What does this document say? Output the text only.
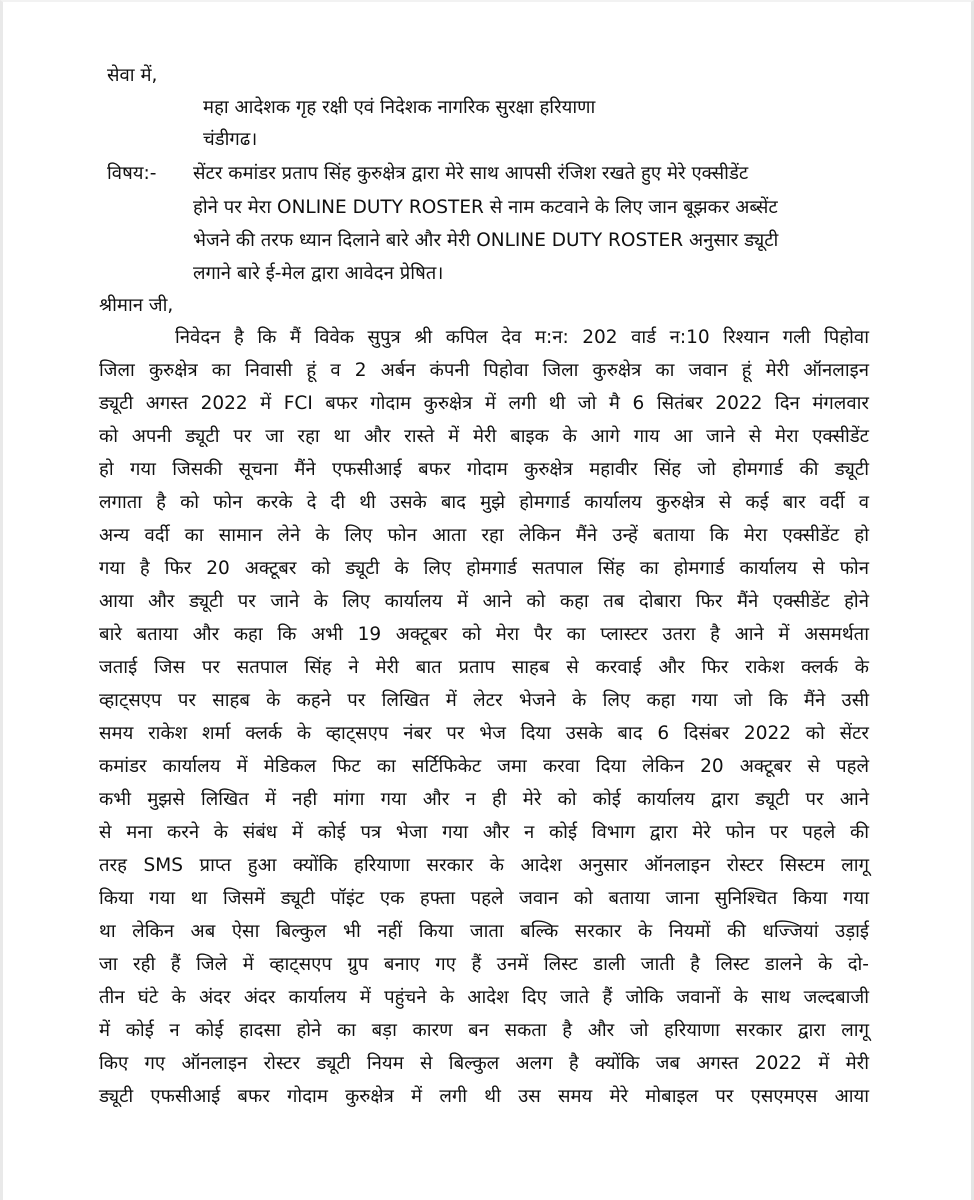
सेवा में,
महा आदेशक गृह रक्षी एवं निदेशक नागरिक सुरक्षा हरियाणा
चंडीगढ।
विषय:- सेंटर कमांडर प्रताप सिंह कुरुक्षेत्र द्वारा मेरे साथ आपसी रंजिश रखते हुए मेरे एक्सीडेंट
होने पर मेरा ONLINE DUTY ROSTER से नाम कटवाने के लिए जान बूझकर अब्सेंट
भेजने की तरफ ध्यान दिलाने बारे और मेरी ONLINE DUTY ROSTER अनुसार ड्यूटी
लगाने बारे ई-मेल द्वारा आवेदन प्रेषित।
श्रीमान जी,
निवेदन है कि मैं विवेक सुपुत्र श्री कपिल देव म:न: 202 वार्ड न:10 रिश्यान गली पिहोवा
जिला कुरुक्षेत्र का निवासी हूं व 2 अर्बन कंपनी पिहोवा जिला कुरुक्षेत्र का जवान हूं मेरी ऑनलाइन
ड्यूटी अगस्त 2022 में FCI बफर गोदाम कुरुक्षेत्र में लगी थी जो मै 6 सितंबर 2022 दिन मंगलवार
को अपनी ड्यूटी पर जा रहा था और रास्ते में मेरी बाइक के आगे गाय आ जाने से मेरा एक्सीडेंट
हो गया जिसकी सूचना मैंने एफसीआई बफर गोदाम कुरुक्षेत्र महावीर सिंह जो होमगार्ड की ड्यूटी
लगाता है को फोन करके दे दी थी उसके बाद मुझे होमगार्ड कार्यालय कुरुक्षेत्र से कई बार वर्दी व
अन्य वर्दी का सामान लेने के लिए फोन आता रहा लेकिन मैंने उन्हें बताया कि मेरा एक्सीडेंट हो
गया है फिर 20 अक्टूबर को ड्यूटी के लिए होमगार्ड सतपाल सिंह का होमगार्ड कार्यालय से फोन
आया और ड्यूटी पर जाने के लिए कार्यालय में आने को कहा तब दोबारा फिर मैंने एक्सीडेंट होने
बारे बताया और कहा कि अभी 19 अक्टूबर को मेरा पैर का प्लास्टर उतरा है आने में असमर्थता
जताई जिस पर सतपाल सिंह ने मेरी बात प्रताप साहब से करवाई और फिर राकेश क्लर्क के
व्हाट्सएप पर साहब के कहने पर लिखित में लेटर भेजने के लिए कहा गया जो कि मैंने उसी
समय राकेश शर्मा क्लर्क के व्हाट्सएप नंबर पर भेज दिया उसके बाद 6 दिसंबर 2022 को सेंटर
कमांडर कार्यालय में मेडिकल फिट का सर्टिफिकेट जमा करवा दिया लेकिन 20 अक्टूबर से पहले
कभी मुझसे लिखित में नही मांगा गया और न ही मेरे को कोई कार्यालय द्वारा ड्यूटी पर आने
से मना करने के संबंध में कोई पत्र भेजा गया और न कोई विभाग द्वारा मेरे फोन पर पहले की
तरह SMS प्राप्त हुआ क्योंकि हरियाणा सरकार के आदेश अनुसार ऑनलाइन रोस्टर सिस्टम लागू
किया गया था जिसमें ड्यूटी पॉइंट एक हफ्ता पहले जवान को बताया जाना सुनिश्चित किया गया
था लेकिन अब ऐसा बिल्कुल भी नहीं किया जाता बल्कि सरकार के नियमों की धज्जियां उड़ाई
जा रही हैं जिले में व्हाट्सएप ग्रुप बनाए गए हैं उनमें लिस्ट डाली जाती है लिस्ट डालने के दो-
तीन घंटे के अंदर अंदर कार्यालय में पहुंचने के आदेश दिए जाते हैं जोकि जवानों के साथ जल्दबाजी
में कोई न कोई हादसा होने का बड़ा कारण बन सकता है और जो हरियाणा सरकार द्वारा लागू
किए गए ऑनलाइन रोस्टर ड्यूटी नियम से बिल्कुल अलग है क्योंकि जब अगस्त 2022 में मेरी
ड्यूटी एफसीआई बफर गोदाम कुरुक्षेत्र में लगी थी उस समय मेरे मोबाइल पर एसएमएस आया
